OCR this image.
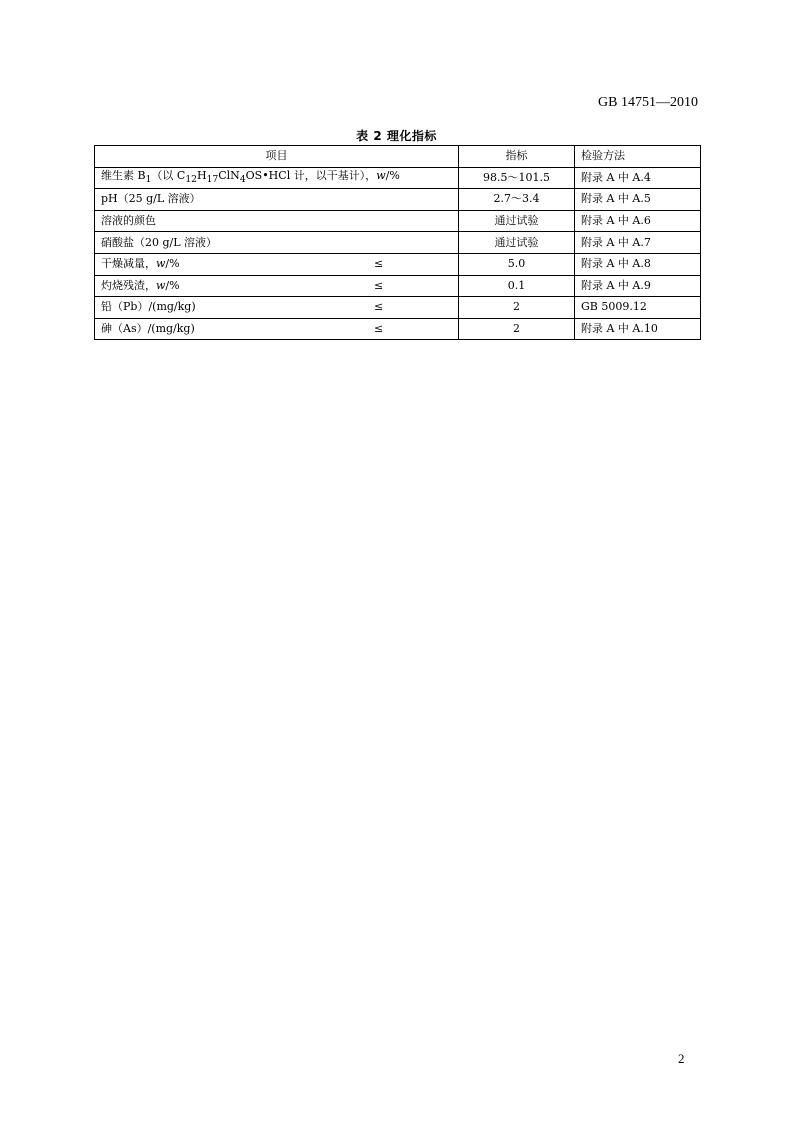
GB 14751—2010
表 2 理化指标
项目	指标	检验方法
维生素 $B_1$（以 $C_{12}H_{17}ClN_4OS•HCl$ 计，以干基计），w/%	98.5～101.5	附录 A 中 A.4
pH（25 g/L 溶液）	2.7～3.4	附录 A 中 A.5
溶液的颜色	通过试验	附录 A 中 A.6
硝酸盐（20 g/L 溶液）	通过试验	附录 A 中 A.7
干燥减量，w/% ≤	5.0	附录 A 中 A.8
灼烧残渣，w/% ≤	0.1	附录 A 中 A.9
铅（Pb）/(mg/kg) ≤	2	GB 5009.12
砷（As）/(mg/kg) ≤	2	附录 A 中 A.10
2
